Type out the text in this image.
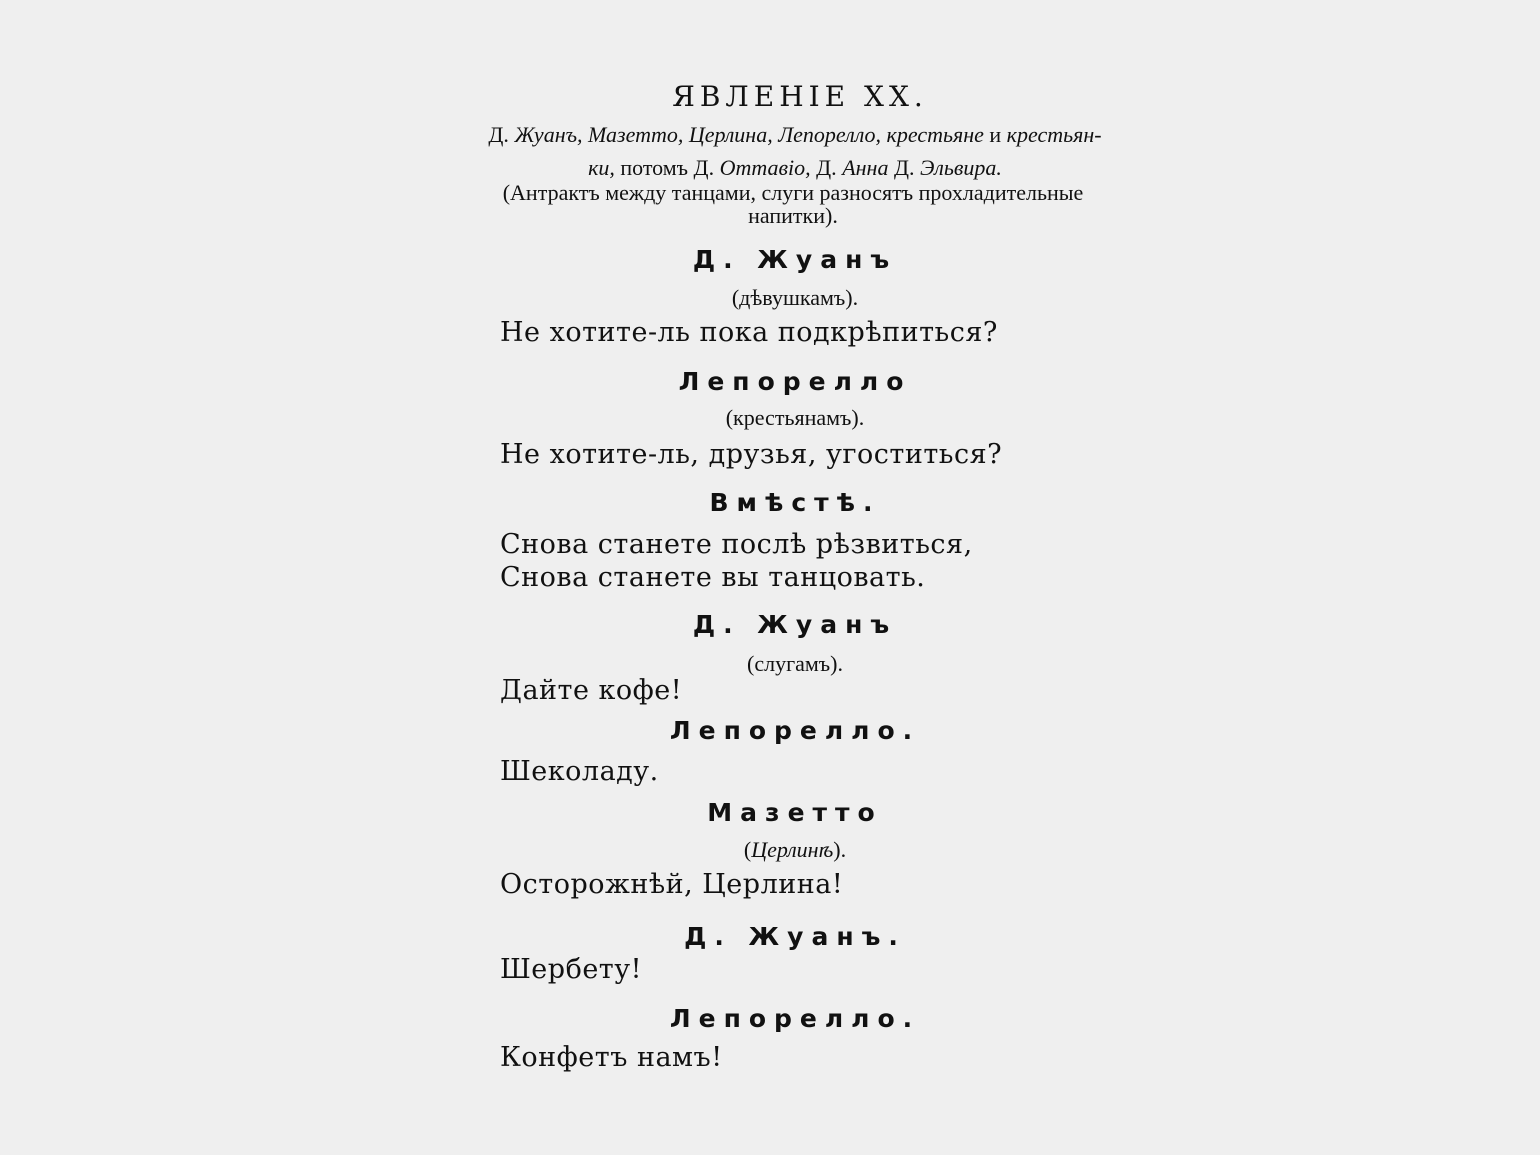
ЯВЛЕНІЕ XX.
Д. Жуанъ, Мазетто, Церлина, Лепорелло, крестьяне и крестьян-
ки, потомъ Д. Оттавіо, Д. Анна Д. Эльвира.
(Антрактъ между танцами, слуги разносятъ прохладительные
напитки).
Д. Жуанъ
(дѣвушкамъ).
Не хотите-ль пока подкрѣпиться?
Лепорелло
(крестьянамъ).
Не хотите-ль, друзья, угоститься?
Вмѣстѣ.
Снова станете послѣ рѣзвиться,
Снова станете вы танцовать.
Д. Жуанъ
(слугамъ).
Дайте кофе!
Лепорелло.
Шеколаду.
Мазетто
(Церлинѣ).
Осторожнѣй, Церлина!
Д. Жуанъ.
Шербету!
Лепорелло.
Конфетъ намъ!
